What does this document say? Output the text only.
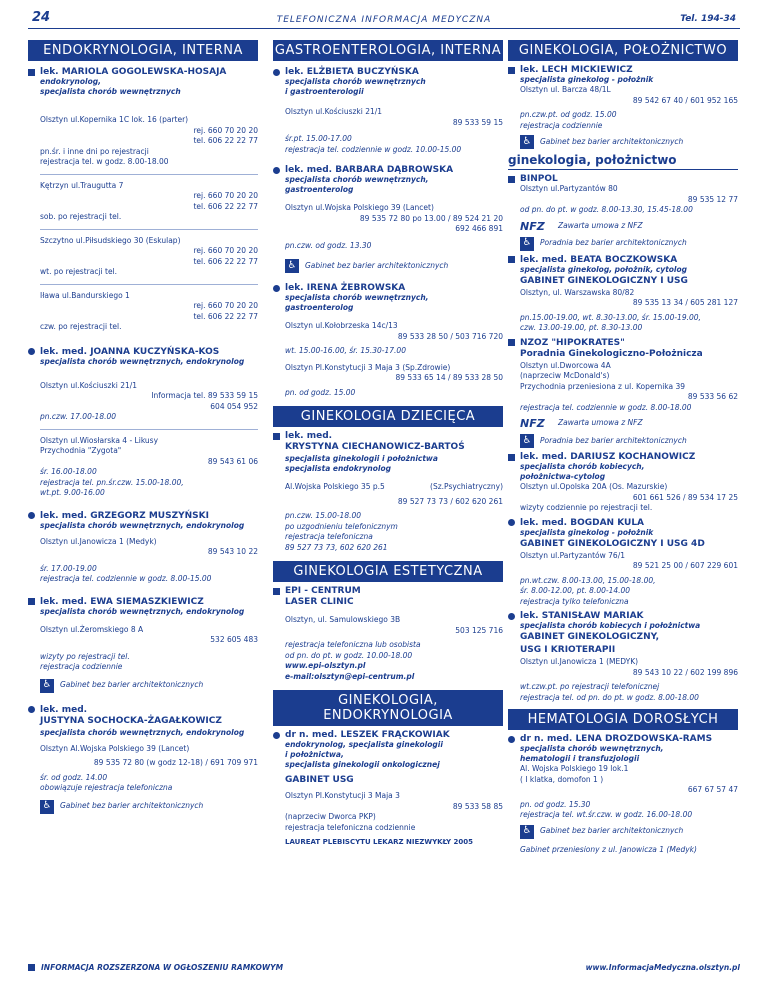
24	TELEFONICZNA INFORMACJA MEDYCZNA	Tel. 194-34
ENDOKRYNOLOGIA, INTERNA
lek. MARIOLA GOGOLEWSKA-HOSAJA
endokrynolog,
specjalista chorób wewnętrznych
Olsztyn ul.Kopernika 1C lok. 16 (parter)
rej. 660 70 20 20
tel. 606 22 22 77
pn.śr. i inne dni po rejestracji
rejestracja tel. w godz. 8.00-18.00
Kętrzyn ul.Traugutta 7
rej. 660 70 20 20
tel. 606 22 22 77
sob. po rejestracji tel.
Szczytno ul.Piłsudskiego 30 (Eskulap)
rej. 660 70 20 20
tel. 606 22 22 77
wt. po rejestracji tel.
Iława ul.Bandurskiego 1
rej. 660 70 20 20
tel. 606 22 22 77
czw. po rejestracji tel.
lek. med. JOANNA KUCZYŃSKA-KOS
specjalista chorób wewnętrznych, endokrynolog
Olsztyn ul.Kościuszki 21/1
Informacja tel. 89 533 59 15
604 054 952
pn.czw. 17.00-18.00
Olsztyn ul.Wiosłarska 4 - Likusy
Przychodnia "Zygota"
89 543 61 06
śr. 16.00-18.00
rejestracja tel. pn.śr.czw. 15.00-18.00,
wt.pt. 9.00-16.00
lek. med. GRZEGORZ MUSZYŃSKI
specjalista chorób wewnętrznych, endokrynolog
Olsztyn ul.Janowicza 1 (Medyk)
89 543 10 22
śr. 17.00-19.00
rejestracja tel. codziennie w godz. 8.00-15.00
lek. med. EWA SIEMASZKIEWICZ
specjalista chorób wewnętrznych, endokrynolog
Olsztyn ul.Żeromskiego 8 A
532 605 483
wizyty po rejestracji tel.
rejestracja codziennie
♿	Gabinet bez barier architektonicznych
lek. med.
JUSTYNA SOCHOCKA-ŻAGAŁKOWICZ
specjalista chorób wewnętrznych, endokrynolog
Olsztyn Al.Wojska Polskiego 39 (Lancet)
89 535 72 80 (w godz 12-18) / 691 709 971
śr. od godz. 14.00
obowiązuje rejestracja telefoniczna
♿	Gabinet bez barier architektonicznych
GASTROENTEROLOGIA, INTERNA
lek. ELŻBIETA BUCZYŃSKA
specjalista chorób wewnętrznych
i gastroenterologii
Olsztyn ul.Kościuszki 21/1
89 533 59 15
śr.pt. 15.00-17.00
rejestracja tel. codziennie w godz. 10.00-15.00
lek. med. BARBARA DĄBROWSKA
specjalista chorób wewnętrznych,
gastroenterolog
Olsztyn ul.Wojska Polskiego 39 (Lancet)
89 535 72 80 po 13.00 / 89 524 21 20
692 466 891
pn.czw. od godz. 13.30
♿	Gabinet bez barier architektonicznych
lek. IRENA ŻEBROWSKA
specjalista chorób wewnętrznych,
gastroenterolog
Olsztyn ul.Kołobrzeska 14c/13
89 533 28 50 / 503 716 720
wt. 15.00-16.00, śr. 15.30-17.00
Olsztyn Pl.Konstytucji 3 Maja 3 (Sp.Zdrowie)
89 533 65 14 / 89 533 28 50
pn. od godz. 15.00
GINEKOLOGIA DZIECIĘCA
lek. med.
KRYSTYNA CIECHANOWICZ-BARTOŚ
specjalista ginekologii i położnictwa
specjalista endokrynolog
Al.Wojska Polskiego 35 p.5	(Sz.Psychiatryczny)
89 527 73 73 / 602 620 261
pn.czw. 15.00-18.00
po uzgodnieniu telefonicznym
rejestracja telefoniczna
89 527 73 73, 602 620 261
GINEKOLOGIA ESTETYCZNA
EPI - CENTRUM
LASER CLINIC
Olsztyn, ul. Samulowskiego 3B
503 125 716
rejestracja telefoniczna lub osobista
od pn. do pt. w godz. 10.00-18.00
www.epi-olsztyn.pl
e-mail:olsztyn@epi-centrum.pl
GINEKOLOGIA, ENDOKRYNOLOGIA
dr n. med. LESZEK FRĄCKOWIAK
endokrynolog, specjalista ginekologii
i położnictwa,
specjalista ginekologii onkologicznej
GABINET USG
Olsztyn Pl.Konstytucji 3 Maja 3
89 533 58 85
(naprzeciw Dworca PKP)
rejestracja telefoniczna codziennie
LAUREAT PLEBISCYTU LEKARZ NIEZWYKŁY 2005
GINEKOLOGIA, POŁOŻNICTWO
lek. LECH MICKIEWICZ
specjalista ginekolog - położnik
Olsztyn ul. Barcza 48/1L
89 542 67 40 / 601 952 165
pn.czw.pt. od godz. 15.00
rejestracja codziennie
♿	Gabinet bez barier architektonicznych
ginekologia, położnictwo
BINPOL
Olsztyn ul.Partyzantów 80
89 535 12 77
od pn. do pt. w godz. 8.00-13.30, 15.45-18.00
NFZ	Zawarta umowa z NFZ
♿	Poradnia bez barier architektonicznych
lek. med. BEATA BOCZKOWSKA
specjalista ginekolog, położnik, cytolog
GABINET GINEKOLOGICZNY I USG
Olsztyn, ul. Warszawska 80/82
89 535 13 34 / 605 281 127
pn.15.00-19.00, wt. 8.30-13.00, śr. 15.00-19.00,
czw. 13.00-19.00, pt. 8.30-13.00
NZOZ "HIPOKRATES"
Poradnia Ginekologiczno-Położnicza
Olsztyn ul.Dworcowa 4A
(naprzeciw McDonald's)
Przychodnia przeniesiona z ul. Kopernika 39
89 533 56 62
rejestracja tel. codziennie w godz. 8.00-18.00
NFZ	Zawarta umowa z NFZ
♿	Poradnia bez barier architektonicznych
lek. med. DARIUSZ KOCHANOWICZ
specjalista chorób kobiecych,
położnictwa-cytolog
Olsztyn ul.Opolska 20A (Os. Mazurskie)
601 661 526 / 89 534 17 25
wizyty codziennie po rejestracji tel.
lek. med. BOGDAN KULA
specjalista ginekolog - położnik
GABINET GINEKOLOGICZNY I USG 4D
Olsztyn ul.Partyzantów 76/1
89 521 25 00 / 607 229 601
pn.wt.czw. 8.00-13.00, 15.00-18.00,
śr. 8.00-12.00, pt. 8.00-14.00
rejestracja tylko telefoniczna
lek. STANISŁAW MARIAK
specjalista chorób kobiecych i położnictwa
GABINET GINEKOLOGICZNY,
USG I KRIOTERAPII
Olsztyn ul.Janowicza 1 (MEDYK)
89 543 10 22 / 602 199 896
wt.czw.pt. po rejestracji telefonicznej
rejestracja tel. od pn. do pt. w godz. 8.00-18.00
HEMATOLOGIA DOROSŁYCH
dr n. med. LENA DROZDOWSKA-RAMS
specjalista chorób wewnętrznych,
hematologii i transfuzjologii
Al. Wojska Polskiego 19 lok.1
( I klatka, domofon 1 )
667 67 57 47
pn. od godz. 15.30
rejestracja tel. wt.śr.czw. w godz. 16.00-18.00
♿	Gabinet bez barier architektonicznych
Gabinet przeniesiony z ul. Janowicza 1 (Medyk)
INFORMACJA ROZSZERZONA W OGŁOSZENIU RAMKOWYM	www.InformacjaMedyczna.olsztyn.pl
